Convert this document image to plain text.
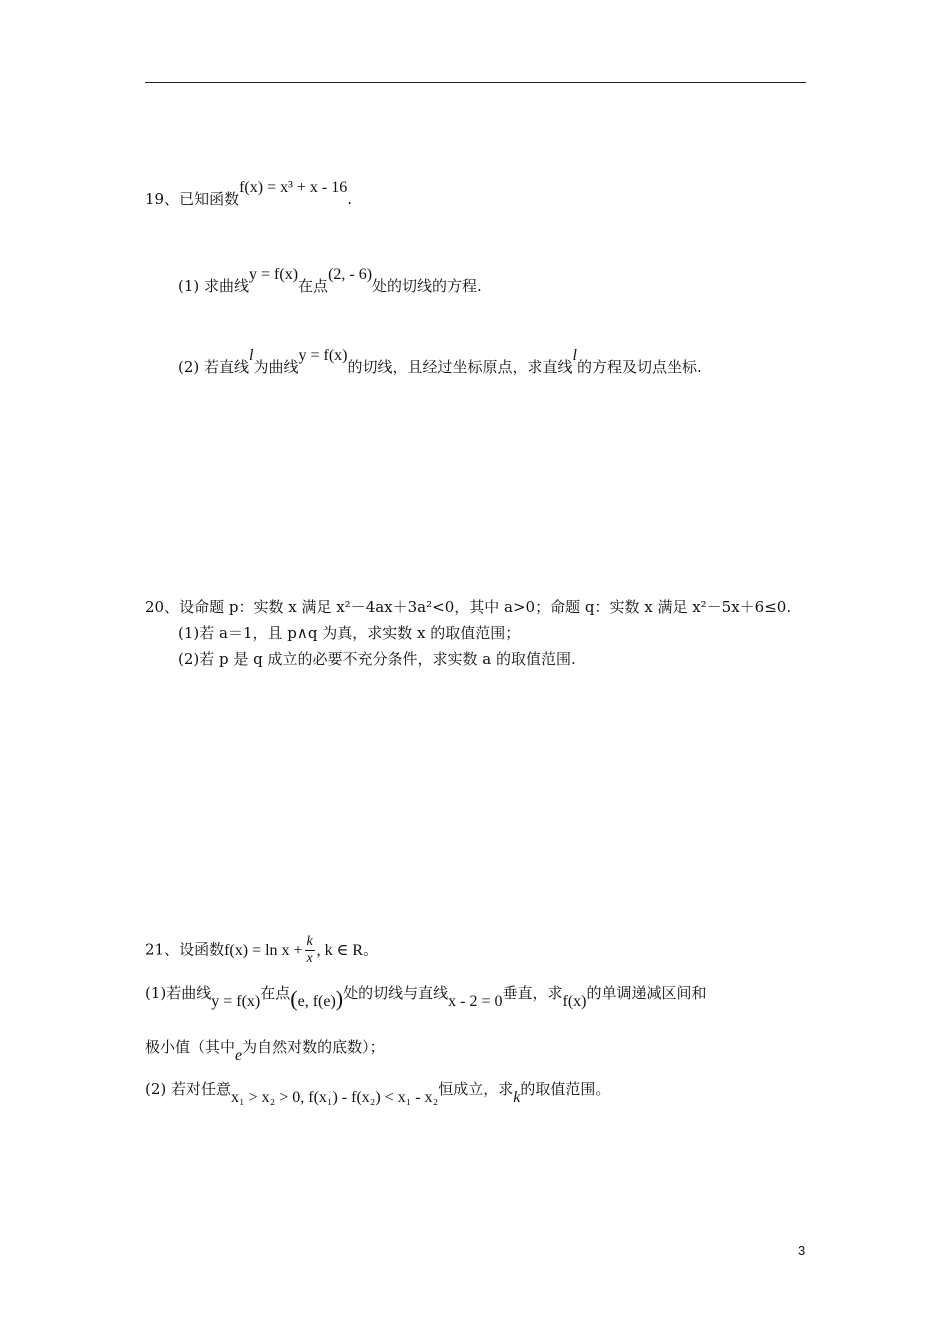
19、已知函数f(x) = x³ + x - 16.
(1) 求曲线y = f(x)在点(2, - 6)处的切线的方程.
(2) 若直线l为曲线y = f(x)的切线，且经过坐标原点，求直线l的方程及切点坐标.
20、设命题 p：实数 x 满足 x²－4ax＋3a²<0，其中 a>0；命题 q：实数 x 满足 x²－5x＋6≤0.
(1)若 a＝1，且 p∧q 为真，求实数 x 的取值范围；
(2)若 p 是 q 成立的必要不充分条件，求实数 a 的取值范围.
21、设函数$f(x) = \ln x + \frac{k}{x}$ , k ∈ R。
(1)若曲线y = f(x)在点(e, f(e))处的切线与直线x - 2 = 0垂直，求f(x)的单调递减区间和
极小值（其中e为自然对数的底数）；
(2) 若对任意x₁ > x₂ > 0, f(x₁) - f(x₂) < x₁ - x₂恒成立，求k的取值范围。
3
